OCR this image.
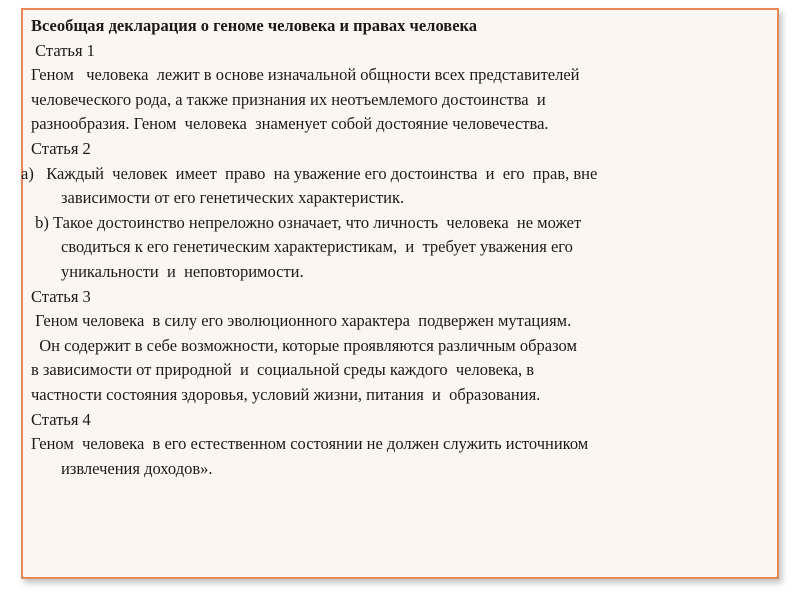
Всеобщая декларация о геноме человека и правах человека
Статья 1
Геном   человека  лежит в основе изначальной общности всех представителей
человеческого рода, а также признания их неотъемлемого достоинства  и
разнообразия. Геном  человека  знаменует собой достояние человечества.
Статья 2
a)   Каждый  человек  имеет  право  на уважение его достоинства  и  его  прав, вне
зависимости от его генетических характеристик.
b) Такое достоинство непреложно означает, что личность  человека  не может
сводиться к его генетическим характеристикам,  и  требует уважения его
уникальности  и  неповторимости.
Статья 3
Геном человека  в силу его эволюционного характера  подвержен мутациям.
Он содержит в себе возможности, которые проявляются различным образом
в зависимости от природной  и  социальной среды каждого  человека, в
частности состояния здоровья, условий жизни, питания  и  образования.
Статья 4
Геном  человека  в его естественном состоянии не должен служить источником
извлечения доходов».
